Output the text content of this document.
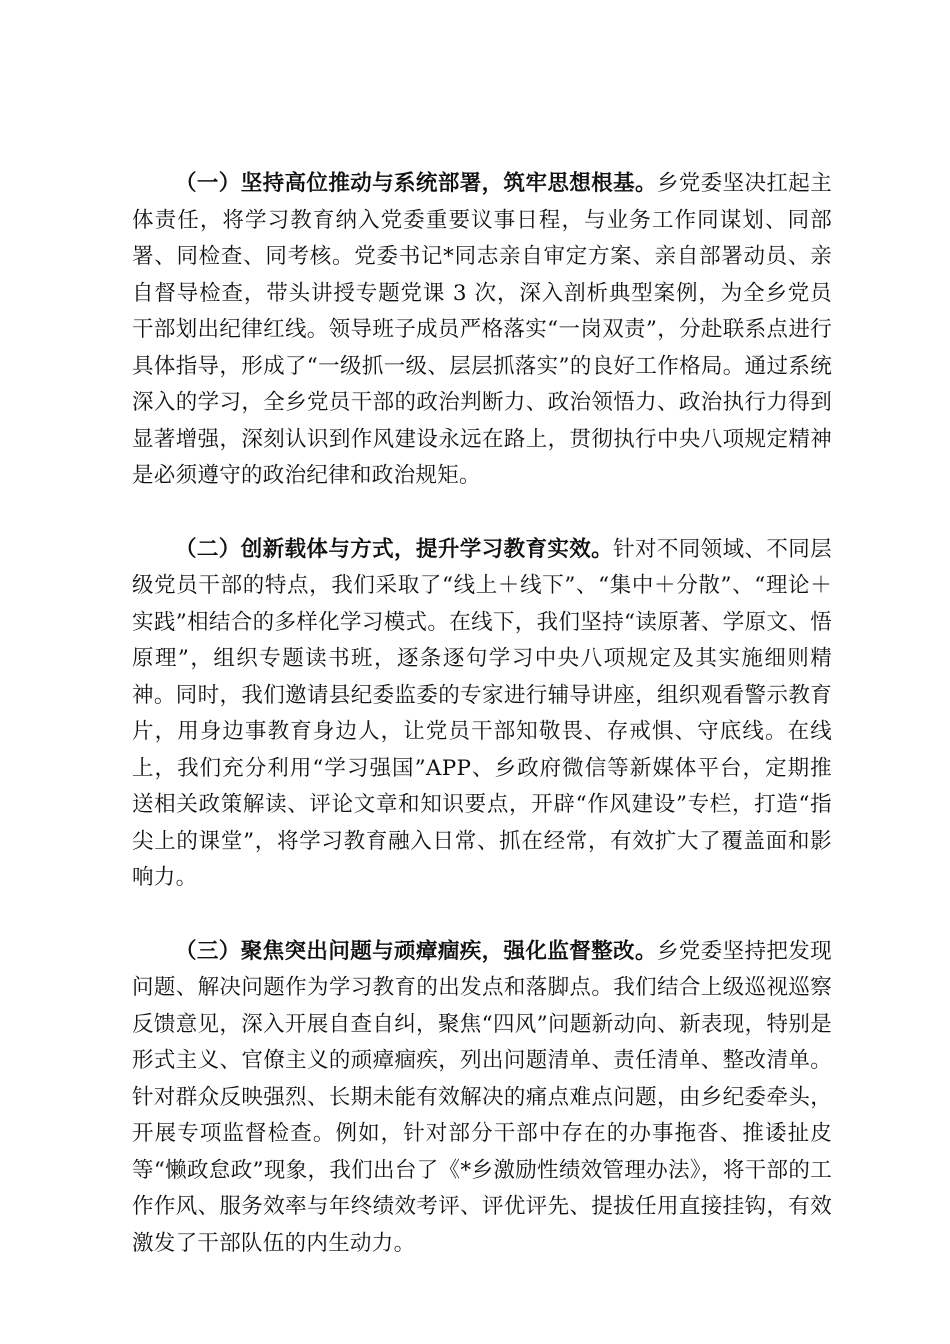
（一）坚持高位推动与系统部署，筑牢思想根基。乡党委坚决扛起主体责任，将学习教育纳入党委重要议事日程，与业务工作同谋划、同部署、同检查、同考核。党委书记*同志亲自审定方案、亲自部署动员、亲自督导检查，带头讲授专题党课 3 次，深入剖析典型案例，为全乡党员干部划出纪律红线。领导班子成员严格落实“一岗双责”，分赴联系点进行具体指导，形成了“一级抓一级、层层抓落实”的良好工作格局。通过系统深入的学习，全乡党员干部的政治判断力、政治领悟力、政治执行力得到显著增强，深刻认识到作风建设永远在路上，贯彻执行中央八项规定精神是必须遵守的政治纪律和政治规矩。

（二）创新载体与方式，提升学习教育实效。针对不同领域、不同层级党员干部的特点，我们采取了“线上＋线下”、“集中＋分散”、“理论＋实践”相结合的多样化学习模式。在线下，我们坚持“读原著、学原文、悟原理”，组织专题读书班，逐条逐句学习中央八项规定及其实施细则精神。同时，我们邀请县纪委监委的专家进行辅导讲座，组织观看警示教育片，用身边事教育身边人，让党员干部知敬畏、存戒惧、守底线。在线上，我们充分利用“学习强国”APP、乡政府微信等新媒体平台，定期推送相关政策解读、评论文章和知识要点，开辟“作风建设”专栏，打造“指尖上的课堂”，将学习教育融入日常、抓在经常，有效扩大了覆盖面和影响力。

（三）聚焦突出问题与顽瘴痼疾，强化监督整改。乡党委坚持把发现问题、解决问题作为学习教育的出发点和落脚点。我们结合上级巡视巡察反馈意见，深入开展自查自纠，聚焦“四风”问题新动向、新表现，特别是形式主义、官僚主义的顽瘴痼疾，列出问题清单、责任清单、整改清单。针对群众反映强烈、长期未能有效解决的痛点难点问题，由乡纪委牵头，开展专项监督检查。例如，针对部分干部中存在的办事拖沓、推诿扯皮等“懒政怠政”现象，我们出台了《*乡激励性绩效管理办法》，将干部的工作作风、服务效率与年终绩效考评、评优评先、提拔任用直接挂钩，有效激发了干部队伍的内生动力。
